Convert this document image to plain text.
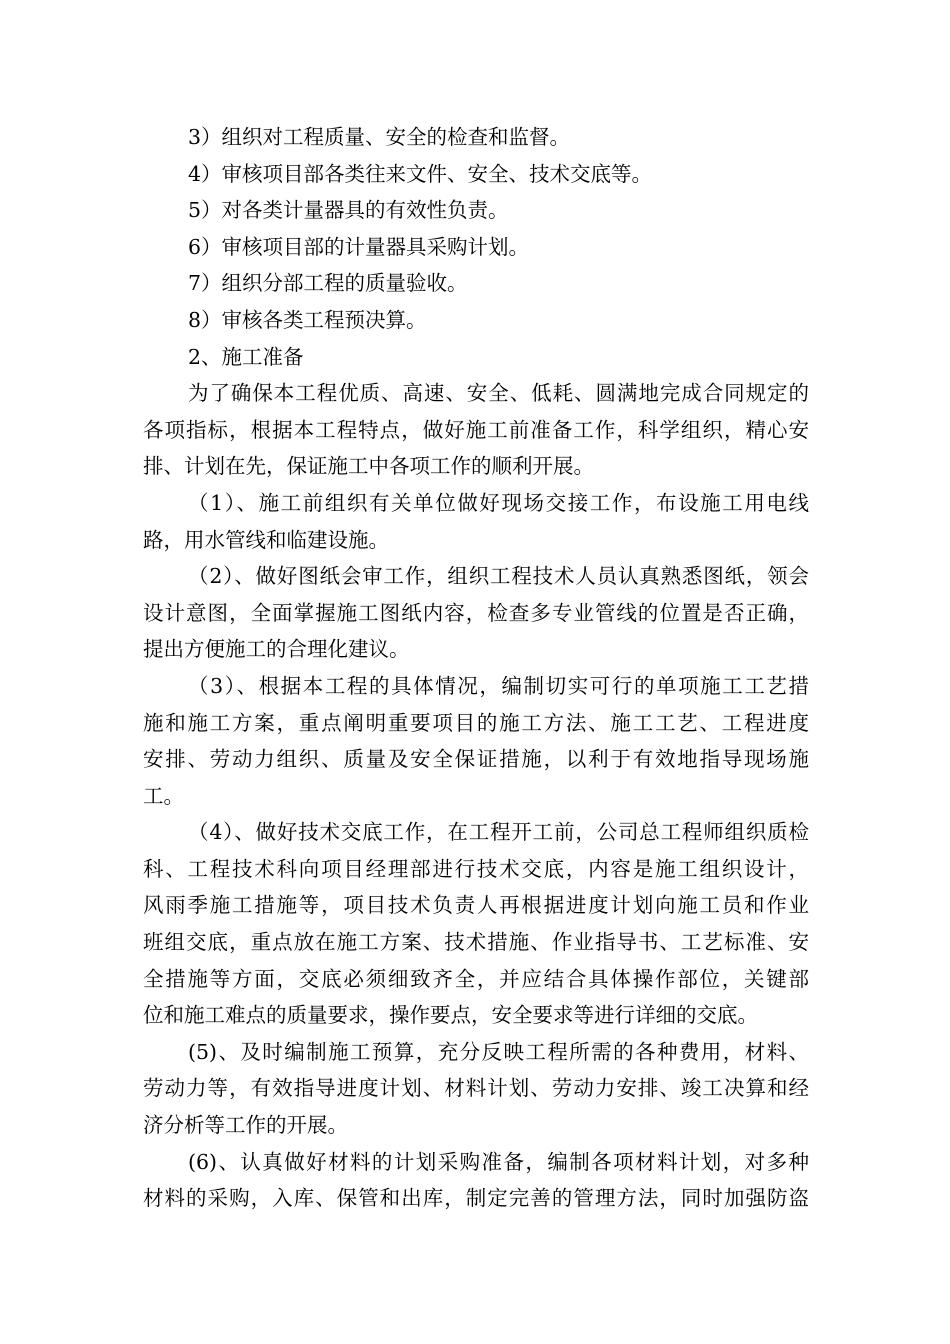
3）组织对工程质量、安全的检查和监督。
4）审核项目部各类往来文件、安全、技术交底等。
5）对各类计量器具的有效性负责。
6）审核项目部的计量器具采购计划。
7）组织分部工程的质量验收。
8）审核各类工程预决算。
2、施工准备
为了确保本工程优质、高速、安全、低耗、圆满地完成合同规定的
各项指标，根据本工程特点，做好施工前准备工作，科学组织，精心安
排、计划在先，保证施工中各项工作的顺利开展。
（1）、施工前组织有关单位做好现场交接工作，布设施工用电线
路，用水管线和临建设施。
（2）、做好图纸会审工作，组织工程技术人员认真熟悉图纸，领会
设计意图，全面掌握施工图纸内容，检查多专业管线的位置是否正确，
提出方便施工的合理化建议。
（3）、根据本工程的具体情况，编制切实可行的单项施工工艺措
施和施工方案，重点阐明重要项目的施工方法、施工工艺、工程进度
安排、劳动力组织、质量及安全保证措施，以利于有效地指导现场施
工。
（4）、做好技术交底工作，在工程开工前，公司总工程师组织质检
科、工程技术科向项目经理部进行技术交底，内容是施工组织设计，
风雨季施工措施等，项目技术负责人再根据进度计划向施工员和作业
班组交底，重点放在施工方案、技术措施、作业指导书、工艺标准、安
全措施等方面，交底必须细致齐全，并应结合具体操作部位，关键部
位和施工难点的质量要求，操作要点，安全要求等进行详细的交底。
(5)、及时编制施工预算，充分反映工程所需的各种费用，材料、
劳动力等，有效指导进度计划、材料计划、劳动力安排、竣工决算和经
济分析等工作的开展。
(6)、认真做好材料的计划采购准备，编制各项材料计划，对多种
材料的采购，入库、保管和出库，制定完善的管理方法，同时加强防盗
